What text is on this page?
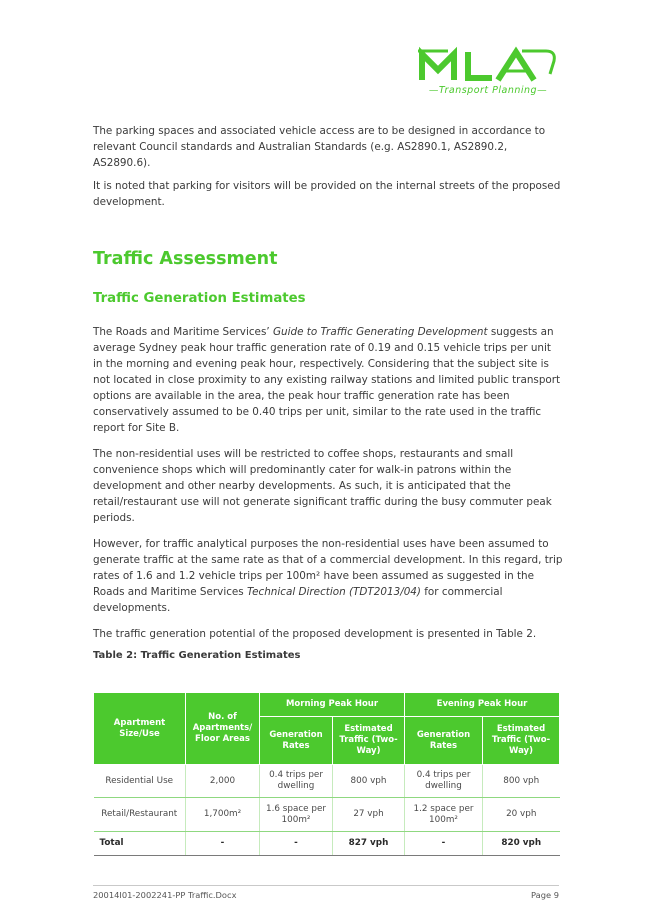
—Transport Planning—

The parking spaces and associated vehicle access are to be designed in accordance to relevant Council standards and Australian Standards (e.g. AS2890.1, AS2890.2, AS2890.6).

It is noted that parking for visitors will be provided on the internal streets of the proposed development.

Traffic Assessment
Traffic Generation Estimates

The Roads and Maritime Services’ Guide to Traffic Generating Development suggests an average Sydney peak hour traffic generation rate of 0.19 and 0.15 vehicle trips per unit in the morning and evening peak hour, respectively. Considering that the subject site is not located in close proximity to any existing railway stations and limited public transport options are available in the area, the peak hour traffic generation rate has been conservatively assumed to be 0.40 trips per unit, similar to the rate used in the traffic report for Site B.

The non-residential uses will be restricted to coffee shops, restaurants and small convenience shops which will predominantly cater for walk-in patrons within the development and other nearby developments. As such, it is anticipated that the retail/restaurant use will not generate significant traffic during the busy commuter peak periods.

However, for traffic analytical purposes the non-residential uses have been assumed to generate traffic at the same rate as that of a commercial development. In this regard, trip rates of 1.6 and 1.2 vehicle trips per 100m² have been assumed as suggested in the Roads and Maritime Services Technical Direction (TDT2013/04) for commercial developments.

The traffic generation potential of the proposed development is presented in Table 2.

Table 2: Traffic Generation Estimates
Apartment Size/Use	No. of Apartments/ Floor Areas	Morning Peak Hour		Evening Peak Hour	
		Generation Rates	Estimated Traffic (Two-Way)	Generation Rates	Estimated Traffic (Two-Way)
Residential Use	2,000	0.4 trips per dwelling	800 vph	0.4 trips per dwelling	800 vph
Retail/Restaurant	1,700m²	1.6 space per 100m²	27 vph	1.2 space per 100m²	20 vph
Total	-	-	827 vph	-	820 vph
20014I01-2002241-PP Traffic.Docx	Page 9
